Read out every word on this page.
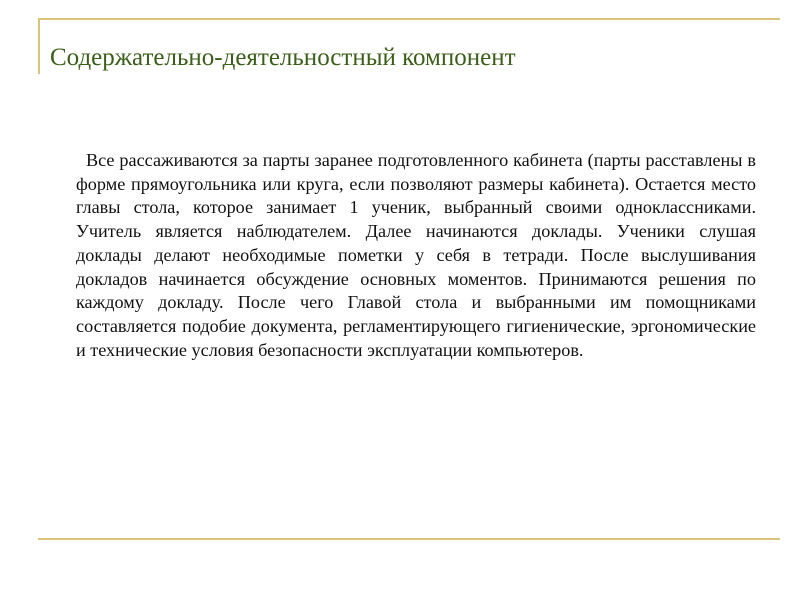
Содержательно-деятельностный компонент

Все рассаживаются за парты заранее подготовленного кабинета (парты расставлены в форме прямоугольника или круга, если позволяют размеры кабинета). Остается место главы стола, которое занимает 1 ученик, выбранный своими одноклассниками. Учитель является наблюдателем. Далее начинаются доклады. Ученики слушая доклады делают необходимые пометки у себя в тетради. После выслушивания докладов начинается обсуждение основных моментов. Принимаются решения по каждому докладу. После чего Главой стола и выбранными им помощниками составляется подобие документа, регламентирующего гигиенические, эргономические и технические условия безопасности эксплуатации компьютеров.
